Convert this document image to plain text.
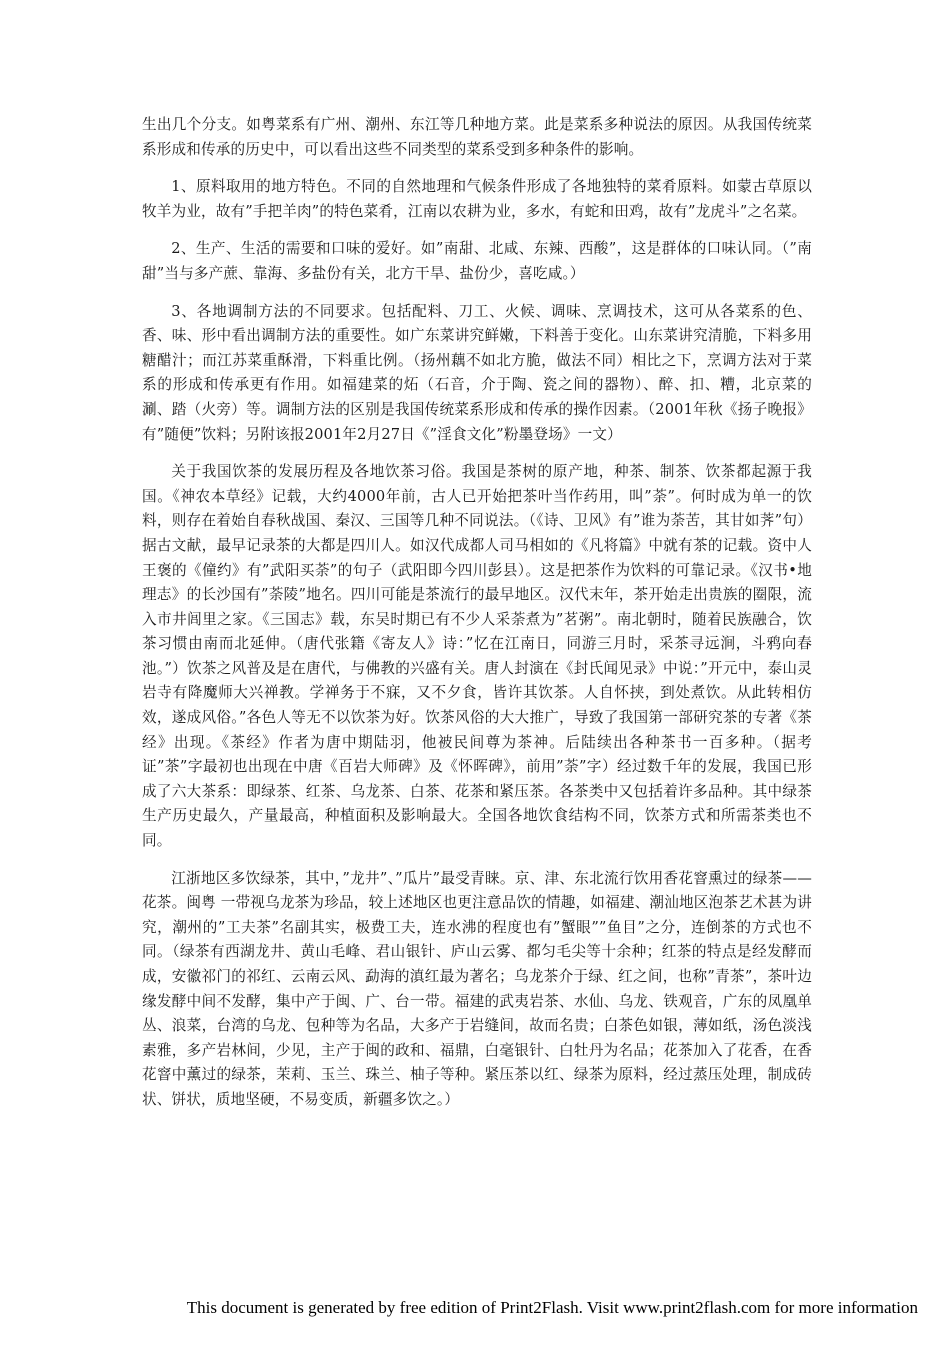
生出几个分支。如粤菜系有广州、潮州、东江等几种地方菜。此是菜系多种说法的原因。从我国传统菜系形成和传承的历史中，可以看出这些不同类型的菜系受到多种条件的影响。

1、原料取用的地方特色。不同的自然地理和气候条件形成了各地独特的菜肴原料。如蒙古草原以牧羊为业，故有”手把羊肉”的特色菜肴，江南以农耕为业，多水，有蛇和田鸡，故有”龙虎斗”之名菜。

2、生产、生活的需要和口味的爱好。如”南甜、北咸、东辣、西酸”，这是群体的口味认同。（”南甜”当与多产蔗、靠海、多盐份有关，北方干旱、盐份少，喜吃咸。）

3、各地调制方法的不同要求。包括配料、刀工、火候、调味、烹调技术，这可从各菜系的色、香、味、形中看出调制方法的重要性。如广东菜讲究鲜嫩，下料善于变化。山东菜讲究清脆，下料多用糖醋汁；而江苏菜重酥滑，下料重比例。（扬州藕不如北方脆，做法不同）相比之下，烹调方法对于菜系的形成和传承更有作用。如福建菜的炻（石音，介于陶、瓷之间的器物）、醉、扣、糟，北京菜的涮、踏（火旁）等。调制方法的区别是我国传统菜系形成和传承的操作因素。（2001年秋《扬子晚报》有”随便”饮料；另附该报2001年2月27日《”淫食文化”粉墨登场》一文）

关于我国饮茶的发展历程及各地饮茶习俗。我国是茶树的原产地，种茶、制茶、饮茶都起源于我国。《神农本草经》记载，大约4000年前，古人已开始把茶叶当作药用，叫”荼”。何时成为单一的饮料，则存在着始自春秋战国、秦汉、三国等几种不同说法。（《诗、卫风》有”谁为荼苦，其甘如荠”句）据古文献，最早记录茶的大都是四川人。如汉代成都人司马相如的《凡将篇》中就有茶的记载。资中人王褒的《僮约》有”武阳买荼”的句子（武阳即今四川彭县）。这是把茶作为饮料的可靠记录。《汉书•地理志》的长沙国有”荼陵”地名。四川可能是茶流行的最早地区。汉代末年，茶开始走出贵族的圈限，流入市井闾里之家。《三国志》载，东吴时期已有不少人采荼煮为”茗粥”。南北朝时，随着民族融合，饮茶习惯由南而北延伸。（唐代张籍《寄友人》诗：”忆在江南日，同游三月时，采茶寻远涧，斗鸦向春池。”）饮茶之风普及是在唐代，与佛教的兴盛有关。唐人封演在《封氏闻见录》中说：”开元中，泰山灵岩寺有降魔师大兴禅教。学禅务于不寐，又不夕食，皆许其饮茶。人自怀挟，到处煮饮。从此转相仿效，遂成风俗。”各色人等无不以饮茶为好。饮茶风俗的大大推广，导致了我国第一部研究茶的专著《茶经》出现。《茶经》作者为唐中期陆羽，他被民间尊为茶神。后陆续出各种茶书一百多种。（据考证”茶”字最初也出现在中唐《百岩大师碑》及《怀晖碑》，前用”荼”字）经过数千年的发展，我国已形成了六大茶系：即绿茶、红茶、乌龙茶、白茶、花茶和紧压茶。各茶类中又包括着许多品种。其中绿茶生产历史最久，产量最高，种植面积及影响最大。全国各地饮食结构不同，饮茶方式和所需茶类也不同。

江浙地区多饮绿茶，其中，”龙井”、”瓜片”最受青睐。京、津、东北流行饮用香花窨熏过的绿茶——花茶。闽粤 一带视乌龙茶为珍品，较上述地区也更注意品饮的情趣，如福建、潮汕地区泡茶艺术甚为讲究，潮州的”工夫茶”名副其实，极费工夫，连水沸的程度也有”蟹眼””鱼目”之分，连倒茶的方式也不同。（绿茶有西湖龙井、黄山毛峰、君山银针、庐山云雾、都匀毛尖等十余种；红茶的特点是经发酵而成，安徽祁门的祁红、云南云风、勐海的滇红最为著名；乌龙茶介于绿、红之间，也称”青茶”，茶叶边缘发酵中间不发酵，集中产于闽、广、台一带。福建的武夷岩茶、水仙、乌龙、铁观音，广东的凤凰单丛、浪菜，台湾的乌龙、包种等为名品，大多产于岩缝间，故而名贵；白茶色如银，薄如纸，汤色淡浅素雅，多产岩林间，少见，主产于闽的政和、福鼎，白毫银针、白牡丹为名品；花茶加入了花香，在香花窨中薰过的绿茶，茉莉、玉兰、珠兰、柚子等种。紧压茶以红、绿茶为原料，经过蒸压处理，制成砖状、饼状，质地坚硬，不易变质，新疆多饮之。）

This document is generated by free edition of Print2Flash. Visit www.print2flash.com for more information
